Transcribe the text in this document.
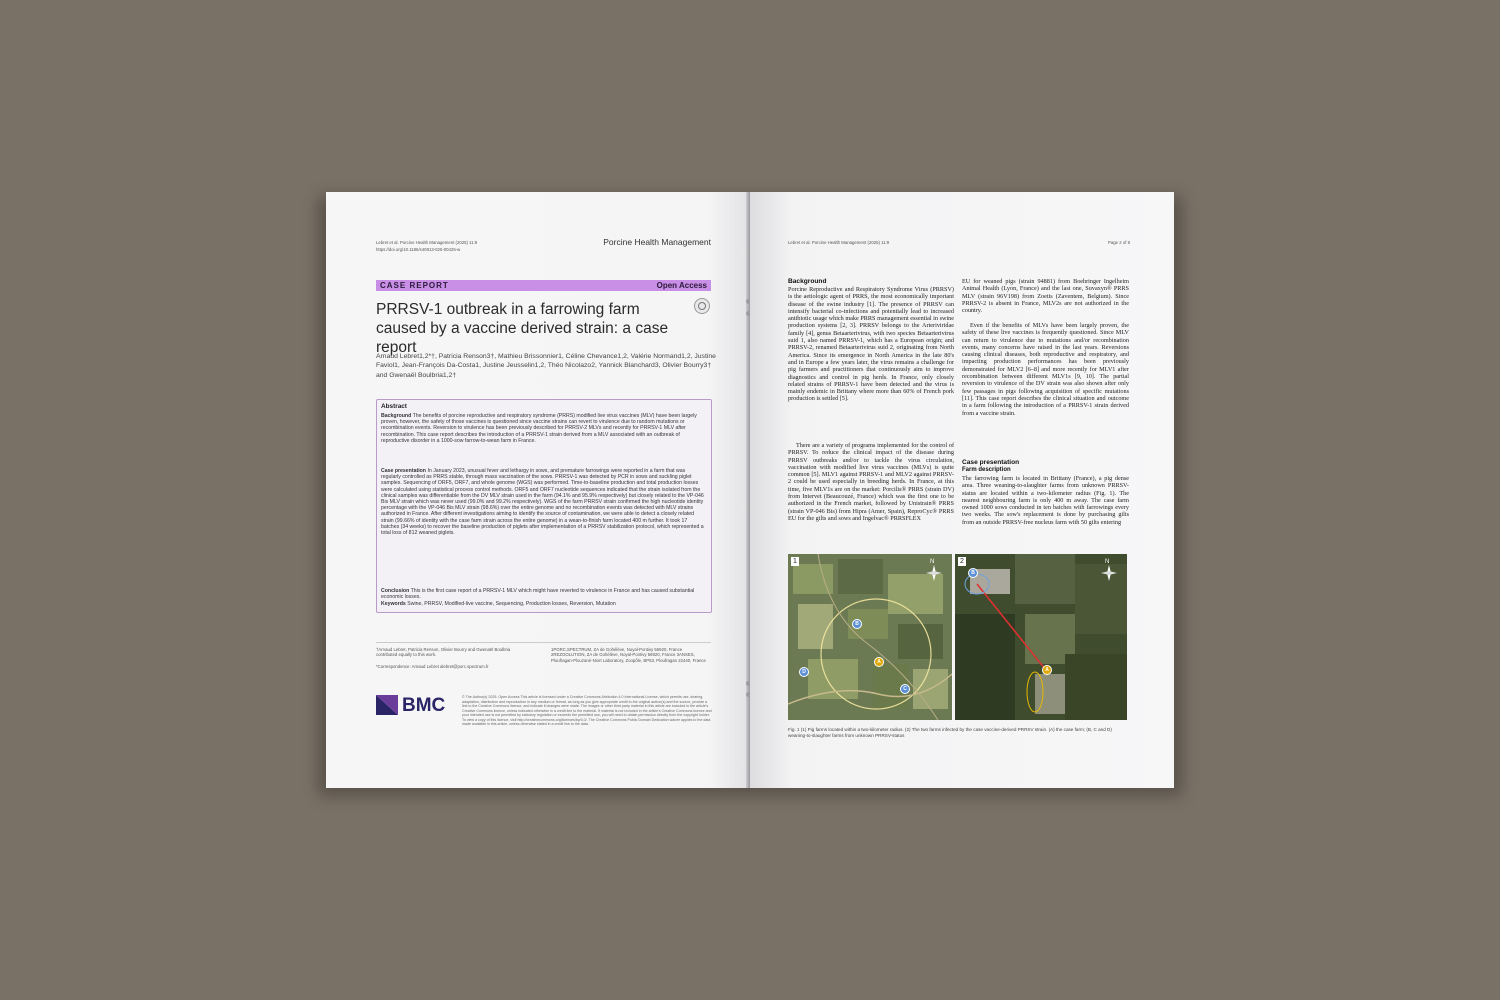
Lebret et al. Porcine Health Management (2025) 11:9
https://doi.org/10.1186/s40813-025-00425-w
Porcine Health Management
CASE REPORT	Open Access
PRRSV-1 outbreak in a farrowing farm caused by a vaccine derived strain: a case report
Arnaud Lebret1,2*†, Patricia Renson3†, Mathieu Brissonnier1, Céline Chevance1,2, Valérie Normand1,2, Justine Faviol1, Jean-François Da-Costa1, Justine Jeusselin1,2, Théo Nicolazo2, Yannick Blanchard3, Olivier Bourry3† and Gwenaël Boulbria1,2†
Abstract
Background The benefits of porcine reproductive and respiratory syndrome (PRRS) modified live virus vaccines (MLV) have been largely proven, however, the safety of those vaccines is questioned since vaccine strains can revert to virulence due to random mutations or recombination events. Reversion to virulence has been previously described for PRRSV-2 MLVs and recently for PRRSV-1 MLV after recombination. This case report describes the introduction of a PRRSV-1 strain derived from a MLV associated with an outbreak of reproductive disorder in a 1000-sow farrow-to-wean farm in France.
Case presentation In January 2023, unusual fever and lethargy in sows, and premature farrowings were reported in a farm that was regularly controlled as PRRS stable, through mass vaccination of the sows. PRRSV-1 was detected by PCR in sows and suckling piglet samples. Sequencing of ORF5, ORF7, and whole genome (WGS) was performed. Time-to-baseline production and total production losses were calculated using statistical process control methods. ORF5 and ORF7 nucleotide sequences indicated that the strain isolated from the clinical samples was differentiable from the DV MLV strain used in the farm (94.1% and 95.9% respectively) but closely related to the VP-046 Bis MLV strain which was never used (99.0% and 99.2% respectively). WGS of the farm PRRSV strain confirmed the high nucleotide identity percentage with the VP-046 Bis MLV strain (98.6%) over the entire genome and no recombination events was detected with MLV strains authorized in France. After different investigations aiming to identify the source of contamination, we were able to detect a closely related strain (99.66% of identity with the case farm strain across the entire genome) in a wean-to-finish farm located 400 m further. It took 17 batches (34 weeks) to recover the baseline production of piglets after implementation of a PRRSV stabilization protocol, which represented a total loss of 812 weaned piglets.
Conclusion This is the first case report of a PRRSV-1 MLV which might have reverted to virulence in France and has caused substantial economic losses.
Keywords Swine, PRRSV, Modified-live vaccine, Sequencing, Production losses, Reversion, Mutation
†Arnaud Lebret, Patricia Renson, Olivier Bourry and Gwenaël Boulbria contributed equally to this work.
*Correspondence: Arnaud Lebret alebret@porc.spectrum.fr
1PORC.SPECTRUM, ZA de Gohélève, Noyal-Pontivy 56920, France 2REZOOLUTION, ZA de Gohélève, Noyal-Pontivy 56920, France 3ANSES, Ploufragan-Plouzané-Niort Laboratory, Zoopôle, BP53, Ploufragan 22440, France
BMC	© The Author(s) 2025. Open Access This article is licensed under a Creative Commons Attribution 4.0 International License, which permits use, sharing, adaptation, distribution and reproduction in any medium or format, as long as you give appropriate credit to the original author(s) and the source, provide a link to the Creative Commons licence, and indicate if changes were made. The images or other third party material in this article are included in the article's Creative Commons licence, unless indicated otherwise in a credit line to the material. If material is not included in the article's Creative Commons licence and your intended use is not permitted by statutory regulation or exceeds the permitted use, you will need to obtain permission directly from the copyright holder. To view a copy of this licence, visit http://creativecommons.org/licenses/by/4.0/. The Creative Commons Public Domain Dedication waiver applies to the data made available in this article, unless otherwise stated in a credit line to the data.
Lebret et al. Porcine Health Management (2025) 11:9	Page 2 of 8
Background
Porcine Reproductive and Respiratory Syndrome Virus (PRRSV) is the aetiologic agent of PRRS, the most economically important disease of the swine industry [1]. The presence of PRRSV can intensify bacterial co-infections and potentially lead to increased antibiotic usage which make PRRS management essential in swine production systems [2, 3]. PRRSV belongs to the Arteriviridae family [4], genus Betaarterivirus, with two species Betaarterivirus suid 1, also named PRRSV-1, which has a European origin; and PRRSV-2, renamed Betaarterivirus suid 2, originating from North America. Since its emergence in North America in the late 80's and in Europe a few years later, the virus remains a challenge for pig farmers and practitioners that continuously aim to improve diagnostics and control in pig herds. In France, only closely related strains of PRRSV-1 have been detected and the virus is mainly endemic in Brittany where more than 60% of French pork production is settled [5].
There are a variety of programs implemented for the control of PRRSV. To reduce the clinical impact of the disease during PRRSV outbreaks and/or to tackle the virus circulation, vaccination with modified live virus vaccines (MLVs) is quite common [5]. MLV1 against PRRSV-1 and MLV2 against PRRSV-2 could be used especially in breeding herds. In France, at this time, five MLV1s are on the market: Porcilis® PRRS (strain DV) from Intervet (Beaucouzé, France) which was the first one to be authorized in the French market, followed by Unistrain® PRRS (strain VP-046 Bis) from Hipra (Amer, Spain), ReproCyc® PRRS EU for the gilts and sows and Ingelvac® PRRSFLEX
EU for weaned pigs (strain 94881) from Boehringer Ingelheim Animal Health (Lyon, France) and the last one, Suvaxyn® PRRS MLV (strain 96V198) from Zoetis (Zaventem, Belgium). Since PRRSV-2 is absent in France, MLV2s are not authorized in the country.
Even if the benefits of MLVs have been largely proven, the safety of these live vaccines is frequently questioned. Since MLV can return to virulence due to mutations and/or recombination events, many concerns have raised in the last years. Reversions causing clinical diseases, both reproductive and respiratory, and impacting production performances has been previously demonstrated for MLV2 [6–8] and more recently for MLV1 after recombination between different MLV1s [9, 10]. The partial reversion to virulence of the DV strain was also shown after only few passages in pigs following acquisition of specific mutations [11]. This case report describes the clinical situation and outcome in a farm following the introduction of a PRRSV-1 strain derived from a vaccine strain.
Case presentation
Farm description
The farrowing farm is located in Brittany (France), a pig dense area. Three weaning-to-slaughter farms from unknown PRRSV-status are located within a two-kilometer radius (Fig. 1). The nearest neighbouring farm is only 400 m away. The case farm owned 1000 sows conducted in ten batches with farrowings every two weeks. The sow's replacement is done by purchasing gilts from an outside PRRSV-free nucleus farm with 50 gilts entering
1	N
A
B
C
D
2	N
A
B
Fig. 1 (1) Pig farms located within a two-kilometer radius. (2) The two farms infected by the case vaccine-derived PRRSV strain. (A) the case farm; (B, C and D) weaning-to-slaughter farms from unknown PRRSV-status
